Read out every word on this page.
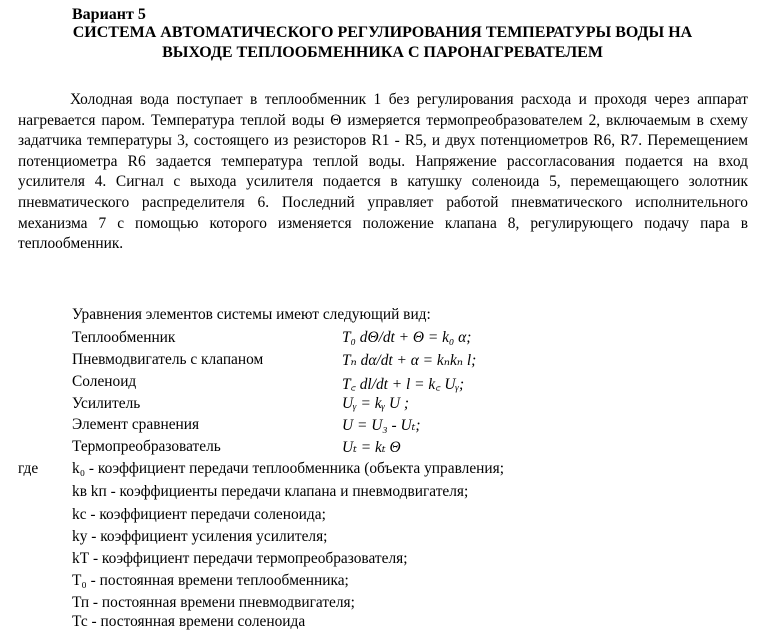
Вариант 5
СИСТЕМА АВТОМАТИЧЕСКОГО РЕГУЛИРОВАНИЯ ТЕМПЕРАТУРЫ ВОДЫ НА
ВЫХОДЕ ТЕПЛООБМЕННИКА С ПАРОНАГРЕВАТЕЛЕМ

Холодная вода поступает в теплообменник 1 без регулирования расхода и проходя через аппарат нагревается паром. Температура теплой воды Θ измеряется термопреобразователем 2, включаемым в схему задатчика температуры 3, состоящего из резисторов R1 - R5, и двух потенциометров R6, R7. Перемещением потенциометра R6 задается температура теплой воды. Напряжение рассогласования подается на вход усилителя 4. Сигнал с выхода усилителя подается в катушку соленоида 5, перемещающего золотник пневматического распределителя 6. Последний управляет работой пневматического исполнительного механизма 7 с помощью которого изменяется положение клапана 8, регулирующего подачу пара в теплообменник.

Уравнения элементов системы имеют следующий вид:
Теплообменник	T₀ dΘ/dt + Θ = k₀ α;
Пневмодвигатель с клапаном	Tₙ dα/dt + α = kₙkₙ l;
Соленоид	T꜀ dl/dt + l = k꜀ Uᵧ;
Усилитель	Uᵧ = kᵧ U ;
Элемент сравнения	U = U₃ - Uₜ;
Термопреобразователь	Uₜ = kₜ Θ
где k₀ - коэффициент передачи теплообменника (объекта управления;
kв kп - коэффициенты передачи клапана и пневмодвигателя;
kс - коэффициент передачи соленоида;
kу - коэффициент усиления усилителя;
kТ - коэффициент передачи термопреобразователя;
Т₀ - постоянная времени теплообменника;
Тп - постоянная времени пневмодвигателя;
Тс - постоянная времени соленоида
